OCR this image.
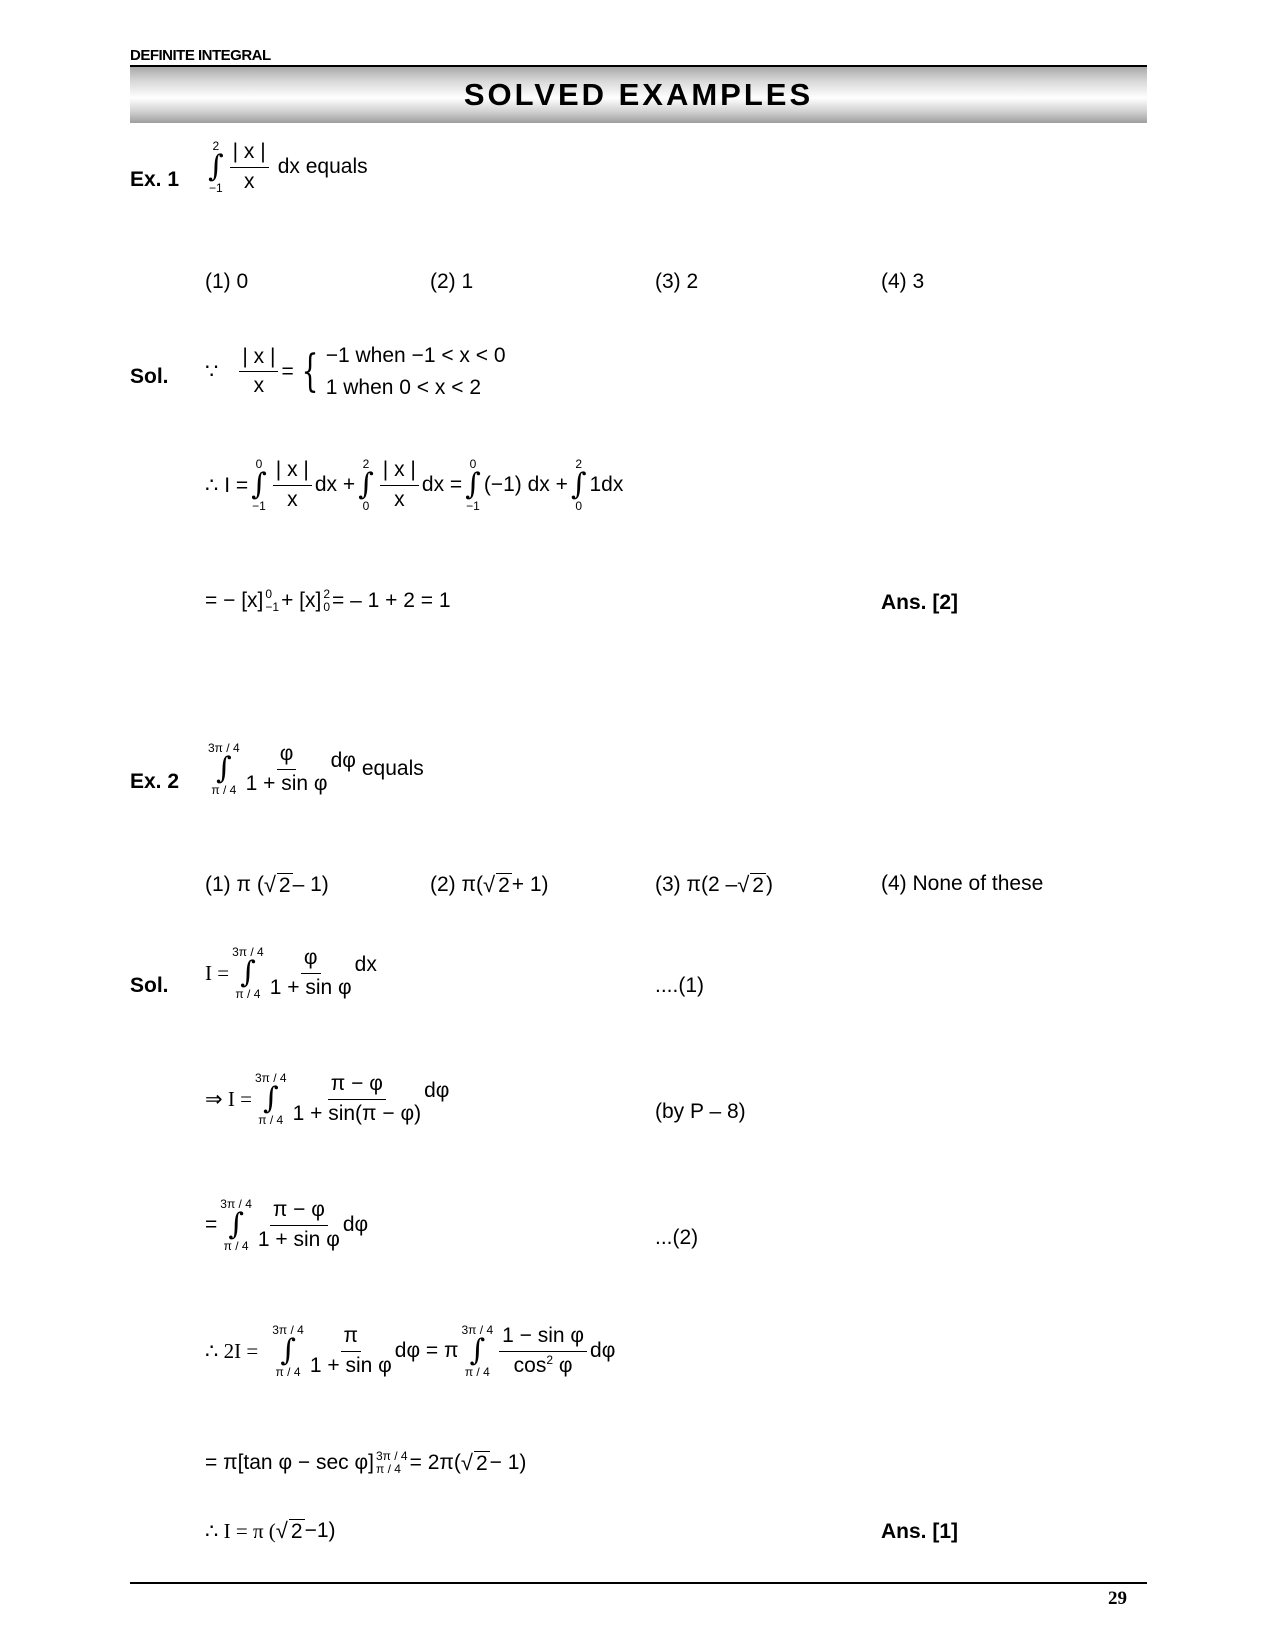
DEFINITE INTEGRAL
SOLVED EXAMPLES
Ex. 1
2
∫
$-1 \frac{| x |}{x}$ dx equals
(1) 0	(2) 1	(3) 2	(4) 3
Sol. ∵ $\frac{| x |}{x}$ = { −1 when −1 < x < 0
1 when 0 < x < 2
∴ I =
0
∫
$-1 \frac{| x |}{x}$ dx +
2
∫
$0 \frac{| x |}{x}$ dx =
0
∫
−1
(−1) dx +
2
∫
0
1dx
= − [x] 0
−1 + [x] 2
0 = – 1 + 2 = 1	Ans. [2]
Ex. 2
3π / 4
∫
π / $4 \frac{\varphi}{\text{1 + sin φ}}$ dφ equals
(1) π ( √ 2 – 1)	(2) π( √ 2 + 1)	(3) π(2 – √ 2 )	(4) None of these
Sol.
I =
3π / 4
∫
π / $4 \frac{\varphi}{\text{1 + sin φ}}$ dx
....(1)
⇒ I =
3π / 4
∫
π / $4 \frac{\pi - \varphi}{1 + \sin(\pi - \varphi)}$ dφ
(by P – 8)
=
3π / 4
∫
π / $4 \frac{\pi - \varphi}{\text{1 + sin φ}}$ dφ
...(2)
∴ 2I =
3π / 4
∫
π / $4 \frac{\pi}{\text{1 + sin φ}}$ dφ = π
3π / 4
∫
π / $4 \frac{\text{1 − sin φ}}{\cos^2 \varphi}$ dφ
= π[tan φ − sec φ] 3π / 4
π / 4 = 2π( √ 2 − 1)
∴ I = π ( √ 2 −1)	Ans. [1]
29
